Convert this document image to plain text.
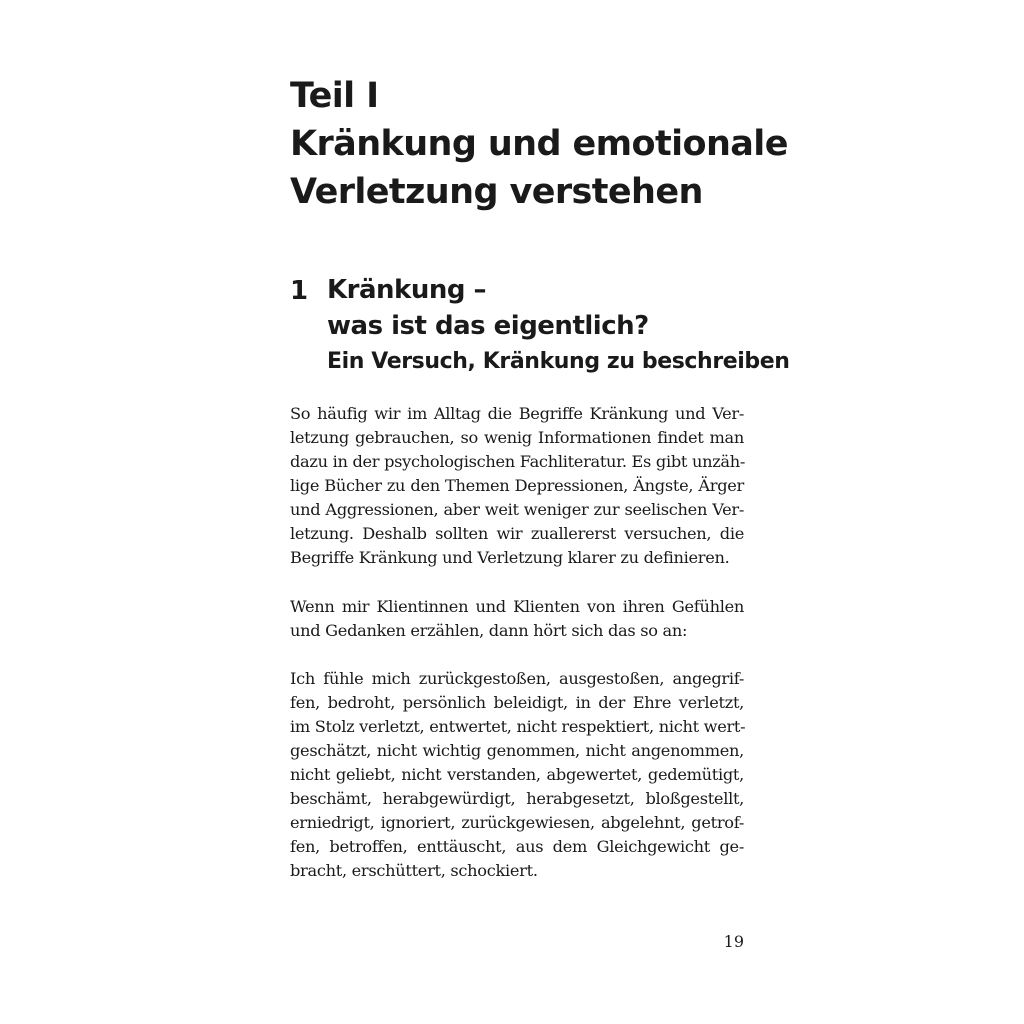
Teil I
Kränkung und emotionale
Verletzung verstehen
1 Kränkung –
was ist das eigentlich?
Ein Versuch, Kränkung zu beschreiben
So häufig wir im Alltag die Begriffe Kränkung und Ver-
letzung gebrauchen, so wenig Informationen findet man
dazu in der psychologischen Fachliteratur. Es gibt unzäh-
lige Bücher zu den Themen Depressionen, Ängste, Ärger
und Aggressionen, aber weit weniger zur seelischen Ver-
letzung. Deshalb sollten wir zuallererst versuchen, die
Begriffe Kränkung und Verletzung klarer zu definieren.
Wenn mir Klientinnen und Klienten von ihren Gefühlen
und Gedanken erzählen, dann hört sich das so an:
Ich fühle mich zurückgestoßen, ausgestoßen, angegrif-
fen, bedroht, persönlich beleidigt, in der Ehre verletzt,
im Stolz verletzt, entwertet, nicht respektiert, nicht wert-
geschätzt, nicht wichtig genommen, nicht angenommen,
nicht geliebt, nicht verstanden, abgewertet, gedemütigt,
beschämt, herabgewürdigt, herabgesetzt, bloßgestellt,
erniedrigt, ignoriert, zurückgewiesen, abgelehnt, getrof-
fen, betroffen, enttäuscht, aus dem Gleichgewicht ge-
bracht, erschüttert, schockiert.
19
